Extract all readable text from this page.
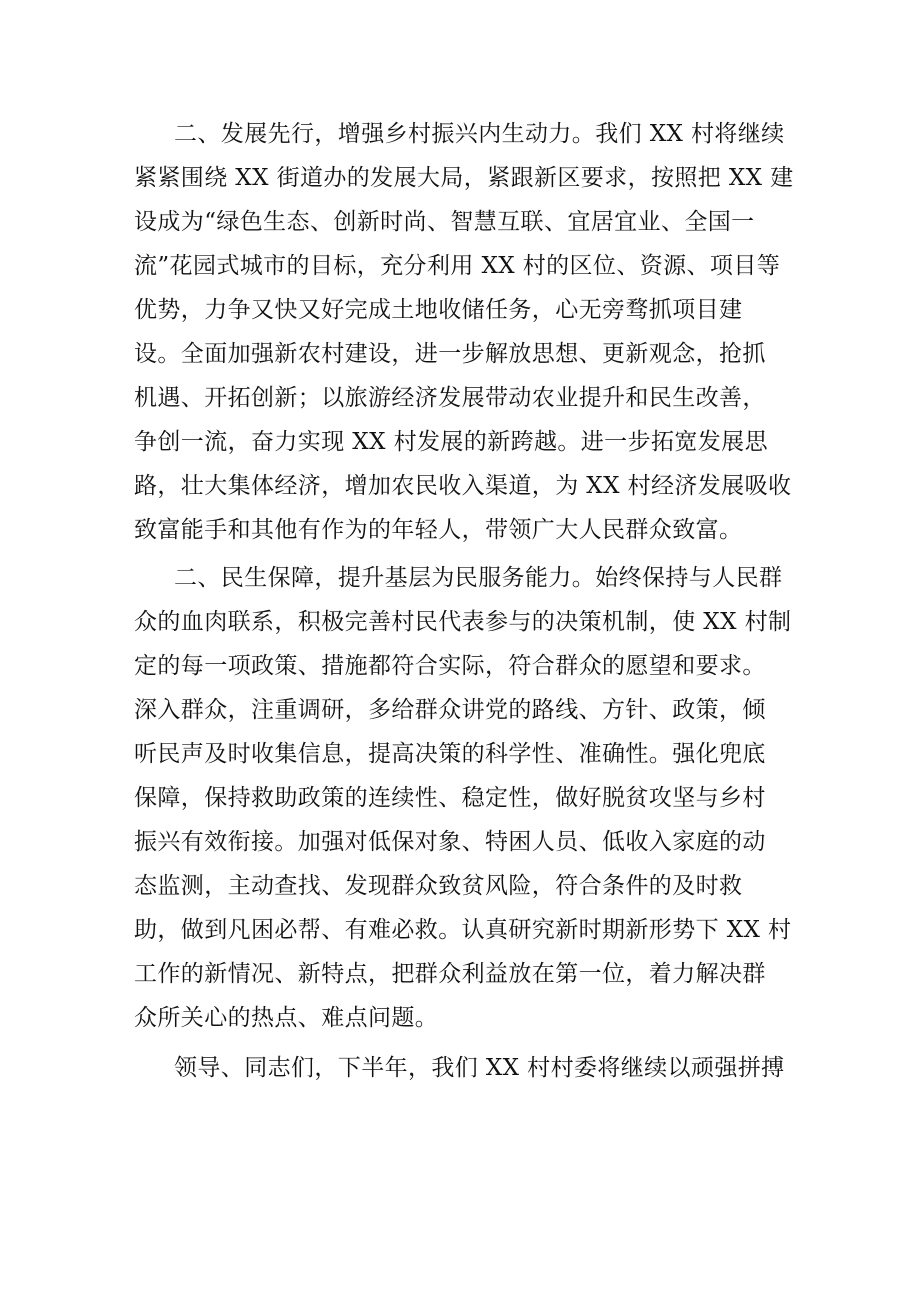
二、发展先行，增强乡村振兴内生动力。我们 XX 村将继续
紧紧围绕 XX 街道办的发展大局，紧跟新区要求，按照把 XX 建
设成为“绿色生态、创新时尚、智慧互联、宜居宜业、全国一
流”花园式城市的目标，充分利用 XX 村的区位、资源、项目等
优势，力争又快又好完成土地收储任务，心无旁骛抓项目建
设。全面加强新农村建设，进一步解放思想、更新观念，抢抓
机遇、开拓创新；以旅游经济发展带动农业提升和民生改善，
争创一流，奋力实现 XX 村发展的新跨越。进一步拓宽发展思
路，壮大集体经济，增加农民收入渠道，为 XX 村经济发展吸收
致富能手和其他有作为的年轻人，带领广大人民群众致富。
二、民生保障，提升基层为民服务能力。始终保持与人民群
众的血肉联系，积极完善村民代表参与的决策机制，使 XX 村制
定的每一项政策、措施都符合实际，符合群众的愿望和要求。
深入群众，注重调研，多给群众讲党的路线、方针、政策，倾
听民声及时收集信息，提高决策的科学性、准确性。强化兜底
保障，保持救助政策的连续性、稳定性，做好脱贫攻坚与乡村
振兴有效衔接。加强对低保对象、特困人员、低收入家庭的动
态监测，主动查找、发现群众致贫风险，符合条件的及时救
助，做到凡困必帮、有难必救。认真研究新时期新形势下 XX 村
工作的新情况、新特点，把群众利益放在第一位，着力解决群
众所关心的热点、难点问题。
领导、同志们，下半年，我们 XX 村村委将继续以顽强拼搏
